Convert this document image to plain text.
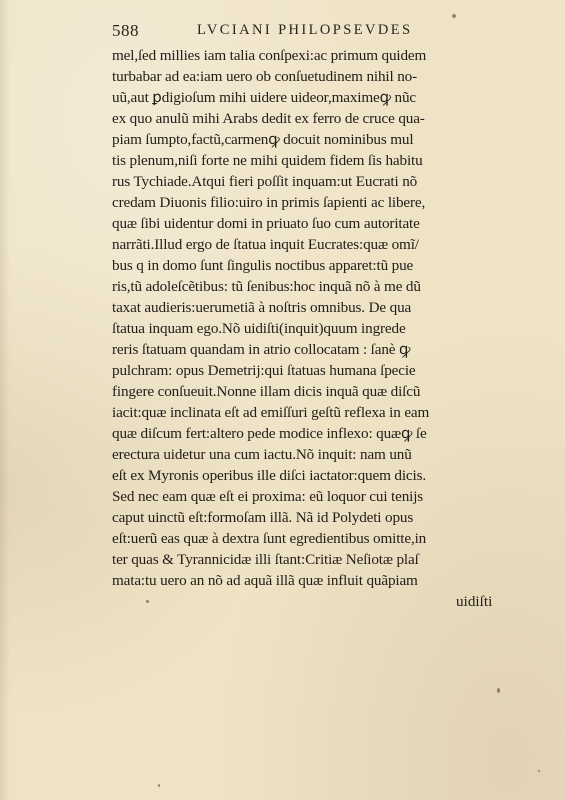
588	LVCIANI PHILOPSEVDES
mel,ſed millies iam talia conſpexi:ac primum quidem
turbabar ad ea:iam uero ob conſuetudinem nihil no-
uũ,aut ꝑdigioſum mihi uidere uideor,maximeꝙ nũc
ex quo anulũ mihi Arabs dedit ex ferro de cruce qua-
piam ſumpto,factũ,carmenꝙ docuit nominibus mul
tis plenum,niſi forte ne mihi quidem fidem ſis habitu
rus Tychiade.Atqui fieri poſſit inquam:ut Eucrati nõ
credam Diuonis filio:uiro in primis ſapienti ac libere,
quæ ſibi uidentur domi in priuato ſuo cum autoritate
narrãti.Illud ergo de ſtatua inquit Eucrates:quæ omĩ/
bus q in domo ſunt ſingulis noctibus apparet:tũ pue
ris,tũ adoleſcẽtibus: tũ ſenibus:hoc inquã nõ à me dũ
taxat audieris:uerumetiã à noſtris omnibus. De qua
ſtatua inquam ego.Nõ uidiſti(inquit)quum ingrede
reris ſtatuam quandam in atrio collocatam : ſanè ꝙ
pulchram: opus Demetrij:qui ſtatuas humana ſpecie
fingere conſueuit.Nonne illam dicis inquã quæ diſcũ
iacit:quæ inclinata eſt ad emiſſuri geſtũ reflexa in eam
quæ diſcum fert:altero pede modice inflexo: quæꝙ ſe
erectura uidetur una cum iactu.Nõ inquit: nam unũ
eſt ex Myronis operibus ille diſci iactator:quem dicis.
Sed nec eam quæ eſt ei proxima: eũ loquor cui tenijs
caput uinctũ eſt:formoſam illã. Nã id Polydeti opus
eſt:uerũ eas quæ à dextra ſunt egredientibus omitte,in
ter quas & Tyrannicidæ illi ſtant:Critiæ Neſiotæ plaſ
mata:tu uero an nõ ad aquã illã quæ influit quãpiam
uidiſti
